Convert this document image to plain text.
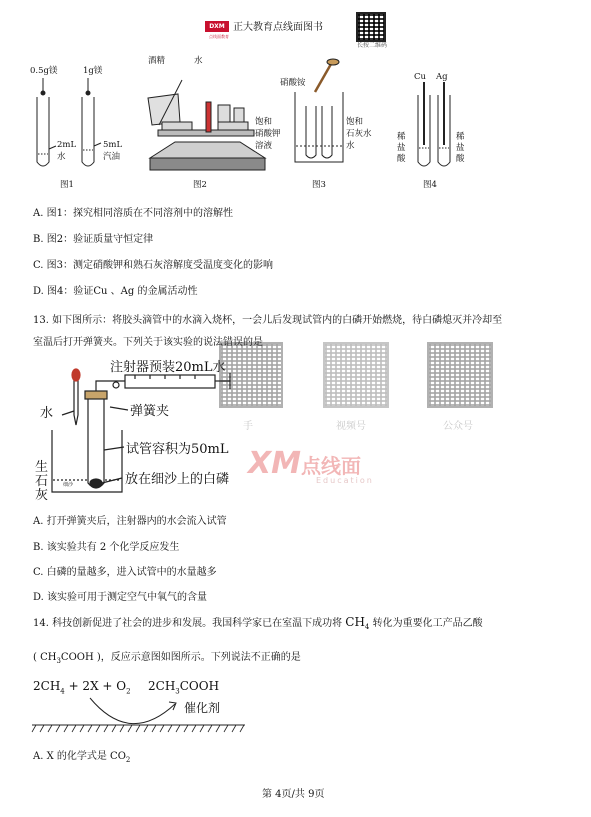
DXM
点线面教育
正大教育点线面图书
长按二维码
0.5g镁	1g镁
2mL
水
5mL
汽油
图1
酒精	水
图2
硝酸铵
饱和
硝酸钾
溶液
饱和
石灰水
水
图3
Cu Ag
稀
盐
酸
稀
盐
酸
图4
A. 图1：探究相同溶质在不同溶剂中的溶解性
B. 图2：验证质量守恒定律
C. 图3：测定硝酸钾和熟石灰溶解度受温度变化的影响
D. 图4：验证Cu 、Ag 的金属活动性
13. 如下图所示：将胶头滴管中的水滴入烧杯，一会儿后发现试管内的白磷开始燃烧，待白磷熄灭并冷却至
室温后打开弹簧夹。下列关于该实验的说法错误的是
手	视频号	公众号
XM点线面
Education
细沙
注射器预装20mL水
水	弹簧夹
试管容积为50mL
生
石
灰
放在细沙上的白磷
A. 打开弹簧夹后，注射器内的水会流入试管
B. 该实验共有 2 个化学反应发生
C. 白磷的量越多，进入试管中的水量越多
D. 该实验可用于测定空气中氧气的含量
14. 科技创新促进了社会的进步和发展。我国科学家已在室温下成功将 $CH_4$ 转化为重要化工产品乙酸
( $CH_3COOH$ )，反应示意图如图所示。下列说法不正确的是
$2CH_4 + 2X + O_2$ $2CH_3COOH$
催化剂
A. X 的化学式是 $CO_2$
第 4页/共 9页
